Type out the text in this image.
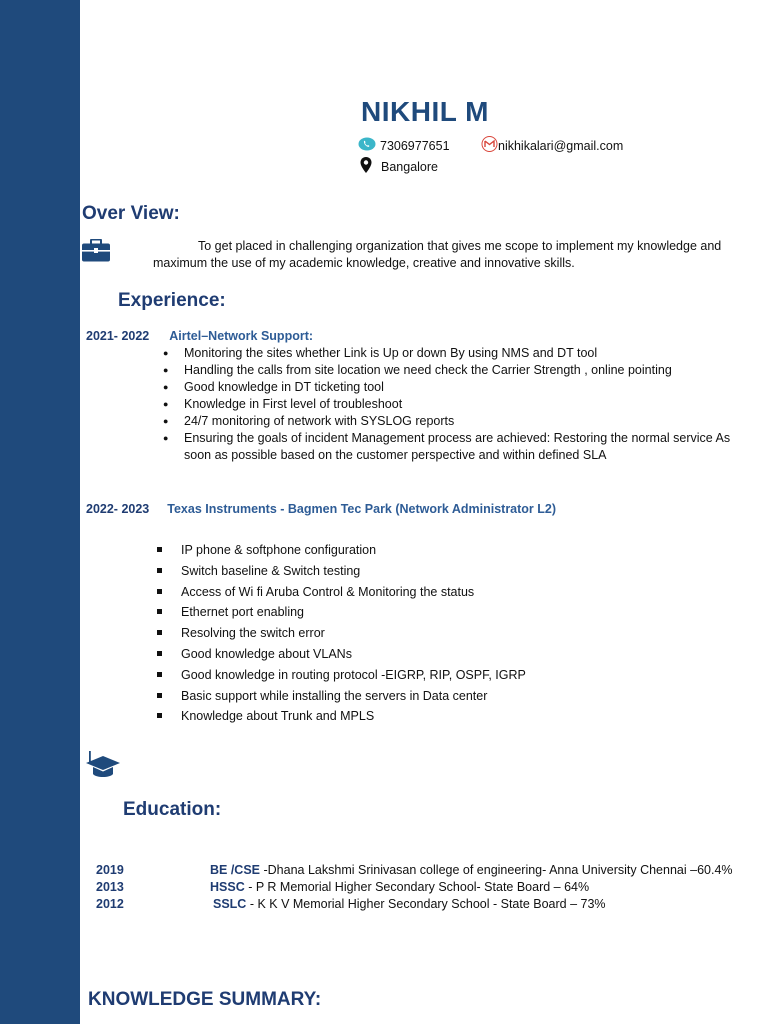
NIKHIL M
7306977651	nikhikalari@gmail.com
Bangalore
Over View:
To get placed in challenging organization that gives me scope to implement my knowledge and maximum the use of my academic knowledge, creative and innovative skills.
Experience:
2021- 2022 Airtel–Network Support:
● Monitoring the sites whether Link is Up or down By using NMS and DT tool
● Handling the calls from site location we need check the Carrier Strength , online pointing
● Good knowledge in DT ticketing tool
● Knowledge in First level of troubleshoot
● 24/7 monitoring of network with SYSLOG reports
● Ensuring the goals of incident Management process are achieved: Restoring the normal service As soon as possible based on the customer perspective and within defined SLA
2022- 2023 Texas Instruments - Bagmen Tec Park (Network Administrator L2)
IP phone & softphone configuration
Switch baseline & Switch testing
Access of Wi fi Aruba Control & Monitoring the status
Ethernet port enabling
Resolving the switch error
Good knowledge about VLANs
Good knowledge in routing protocol -EIGRP, RIP, OSPF, IGRP
Basic support while installing the servers in Data center
Knowledge about Trunk and MPLS
Education:
2019	BE /CSE -Dhana Lakshmi Srinivasan college of engineering- Anna University Chennai –60.4%
2013	HSSC - P R Memorial Higher Secondary School- State Board – 64%
2012	SSLC - K K V Memorial Higher Secondary School - State Board – 73%
KNOWLEDGE SUMMARY:
